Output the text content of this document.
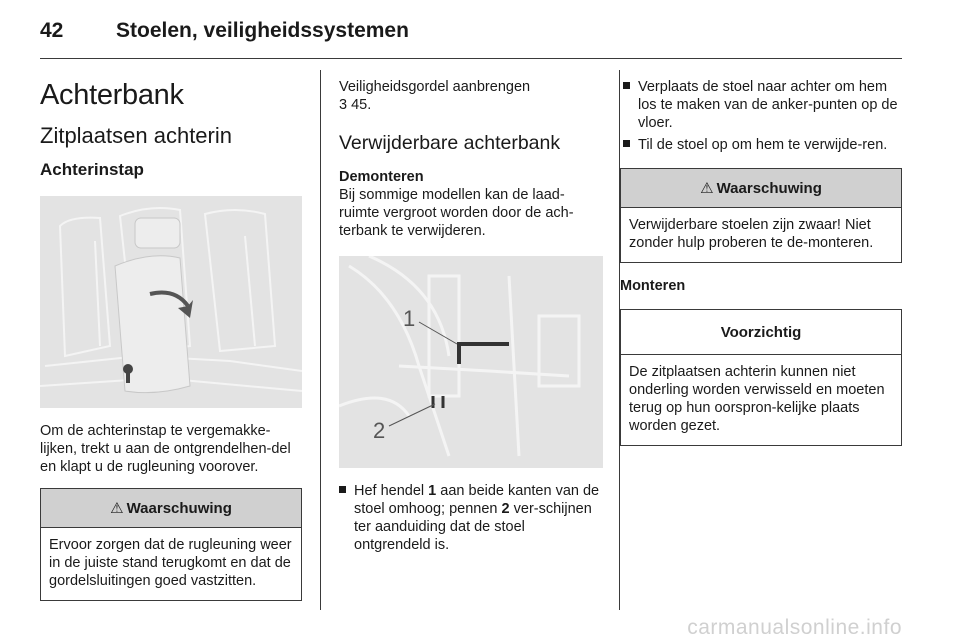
42	Stoelen, veiligheidssystemen
Achterbank
Zitplaatsen achterin
Achterinstap

Om de achterinstap te vergemakke-lijken, trekt u aan de ontgrendelhen-del en klapt u de rugleuning voorover.

⚠ Waarschuwing
Ervoor zorgen dat de rugleuning weer in de juiste stand terugkomt en dat de gordelsluitingen goed vastzitten.

Veiligheidsgordel aanbrengen

3 45.

Verwijderbare achterbank
Demonteren

Bij sommige modellen kan de laad-ruimte vergroot worden door de ach-terbank te verwijderen.

1
2
Hef hendel 1 aan beide kanten van de stoel omhoog; pennen 2 ver-schijnen ter aanduiding dat de stoel ontgrendeld is.
Verplaats de stoel naar achter om hem los te maken van de anker-punten op de vloer.
Til de stoel op om hem te verwijde-ren.
⚠ Waarschuwing
Verwijderbare stoelen zijn zwaar! Niet zonder hulp proberen te de-monteren.
Monteren
Voorzichtig
De zitplaatsen achterin kunnen niet onderling worden verwisseld en moeten terug op hun oorspron-kelijke plaats worden gezet.
carmanualsonline.info
